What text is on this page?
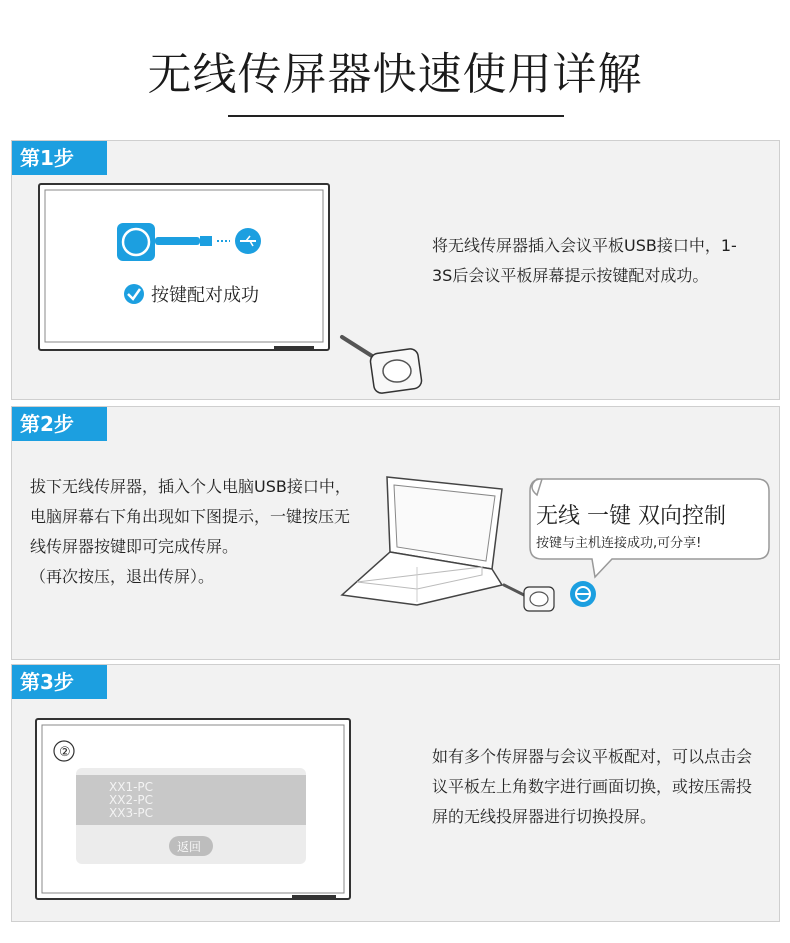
无线传屏器快速使用详解
第1步
按键配对成功
将无线传屏器插入会议平板USB接口中，1-3S后会议平板屏幕提示按键配对成功。
第2步
拔下无线传屏器，插入个人电脑USB接口中，电脑屏幕右下角出现如下图提示，一键按压无线传屏器按键即可完成传屏。
（再次按压，退出传屏）。
无线 一键 双向控制
按键与主机连接成功,可分享!
第3步
②
XX1-PC
XX2-PC
XX3-PC
返回
如有多个传屏器与会议平板配对，可以点击会议平板左上角数字进行画面切换，或按压需投屏的无线投屏器进行切换投屏。
